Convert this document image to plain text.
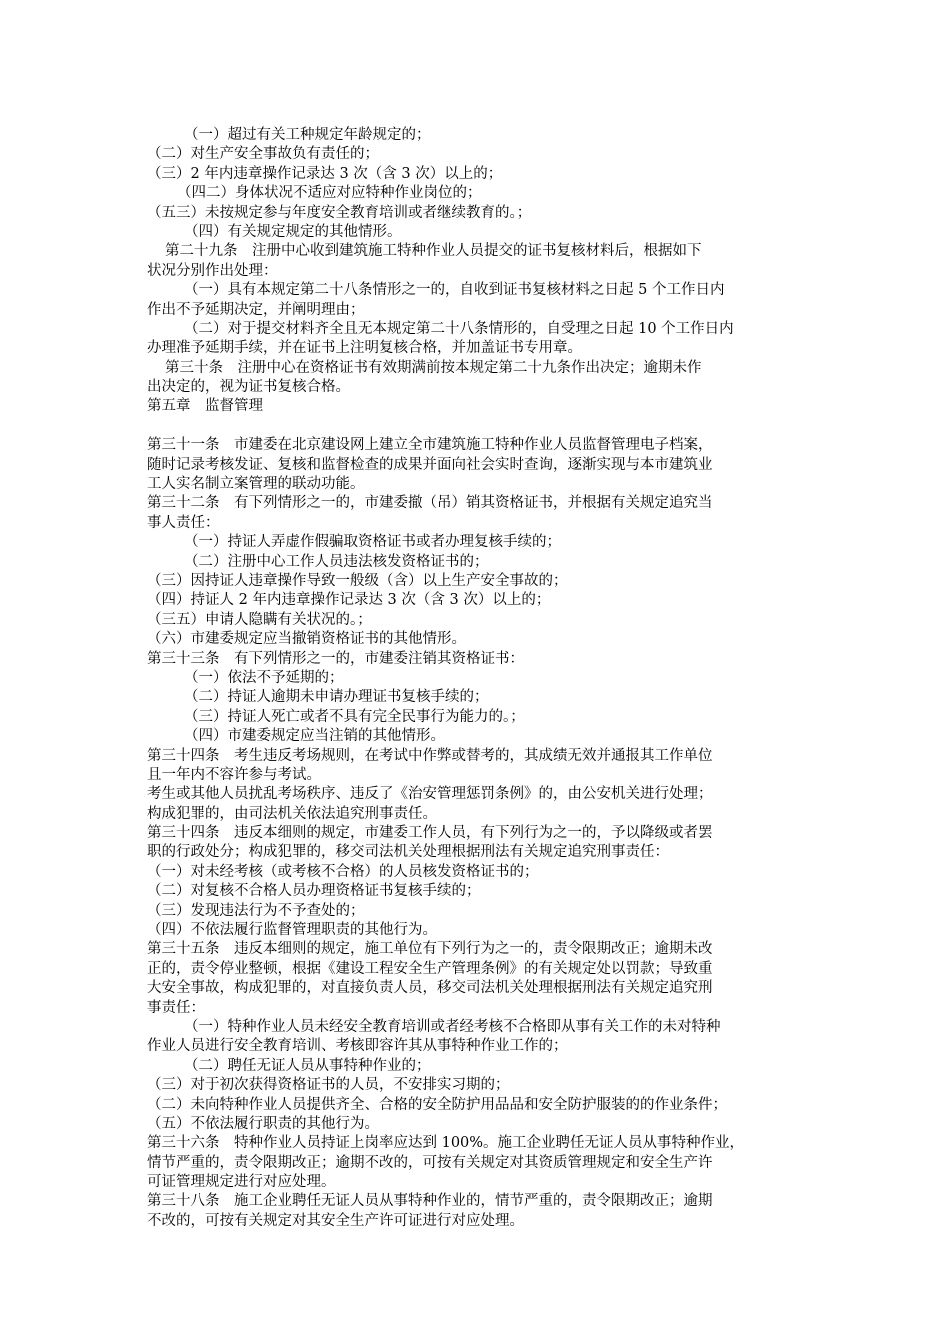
（一）超过有关工种规定年龄规定的；
（二）对生产安全事故负有责任的；
（三）2 年内违章操作记录达 3 次（含 3 次）以上的；
（四二）身体状况不适应对应特种作业岗位的；
（五三）未按规定参与年度安全教育培训或者继续教育的。；
（四）有关规定规定的其他情形。
第二十九条　注册中心收到建筑施工特种作业人员提交的证书复核材料后，根据如下
状况分别作出处理：
（一）具有本规定第二十八条情形之一的，自收到证书复核材料之日起 5 个工作日内
作出不予延期决定，并阐明理由；
（二）对于提交材料齐全且无本规定第二十八条情形的，自受理之日起 10 个工作日内
办理准予延期手续，并在证书上注明复核合格，并加盖证书专用章。
第三十条　注册中心在资格证书有效期满前按本规定第二十九条作出决定；逾期未作
出决定的，视为证书复核合格。
第五章　监督管理
第三十一条　市建委在北京建设网上建立全市建筑施工特种作业人员监督管理电子档案，
随时记录考核发证、复核和监督检查的成果并面向社会实时查询，逐渐实现与本市建筑业
工人实名制立案管理的联动功能。
第三十二条　有下列情形之一的，市建委撤（吊）销其资格证书，并根据有关规定追究当
事人责任：
（一）持证人弄虚作假骗取资格证书或者办理复核手续的；
（二）注册中心工作人员违法核发资格证书的；
（三）因持证人违章操作导致一般级（含）以上生产安全事故的；
（四）持证人 2 年内违章操作记录达 3 次（含 3 次）以上的；
（三五）申请人隐瞒有关状况的。；
（六）市建委规定应当撤销资格证书的其他情形。
第三十三条　有下列情形之一的，市建委注销其资格证书：
（一）依法不予延期的；
（二）持证人逾期未申请办理证书复核手续的；
（三）持证人死亡或者不具有完全民事行为能力的。；
（四）市建委规定应当注销的其他情形。
第三十四条　考生违反考场规则，在考试中作弊或替考的，其成绩无效并通报其工作单位
且一年内不容许参与考试。
考生或其他人员扰乱考场秩序、违反了《治安管理惩罚条例》的，由公安机关进行处理；
构成犯罪的，由司法机关依法追究刑事责任。
第三十四条　违反本细则的规定，市建委工作人员，有下列行为之一的，予以降级或者罢
职的行政处分；构成犯罪的，移交司法机关处理根据刑法有关规定追究刑事责任：
（一）对未经考核（或考核不合格）的人员核发资格证书的；
（二）对复核不合格人员办理资格证书复核手续的；
（三）发现违法行为不予查处的；
（四）不依法履行监督管理职责的其他行为。
第三十五条　违反本细则的规定，施工单位有下列行为之一的，责令限期改正；逾期未改
正的，责令停业整顿，根据《建设工程安全生产管理条例》的有关规定处以罚款；导致重
大安全事故，构成犯罪的，对直接负责人员，移交司法机关处理根据刑法有关规定追究刑
事责任：
（一）特种作业人员未经安全教育培训或者经考核不合格即从事有关工作的未对特种
作业人员进行安全教育培训、考核即容许其从事特种作业工作的；
（二）聘任无证人员从事特种作业的；
（三）对于初次获得资格证书的人员，不安排实习期的；
（二）未向特种作业人员提供齐全、合格的安全防护用品品和安全防护服装的的作业条件；
（五）不依法履行职责的其他行为。
第三十六条　特种作业人员持证上岗率应达到 100%。施工企业聘任无证人员从事特种作业，
情节严重的，责令限期改正；逾期不改的，可按有关规定对其资质管理规定和安全生产许
可证管理规定进行对应处理。
第三十八条　施工企业聘任无证人员从事特种作业的，情节严重的，责令限期改正；逾期
不改的，可按有关规定对其安全生产许可证进行对应处理。
